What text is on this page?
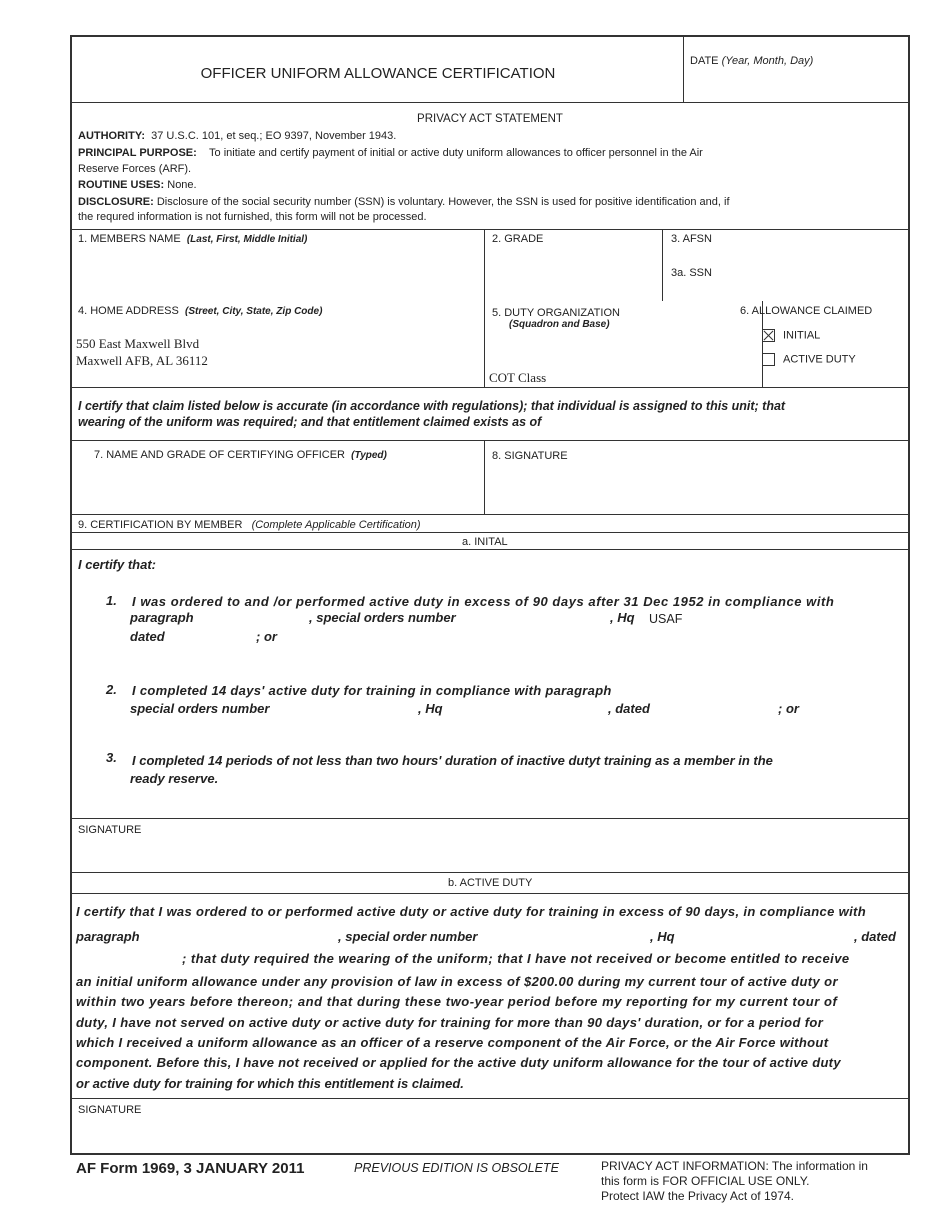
OFFICER UNIFORM ALLOWANCE CERTIFICATION
DATE (Year, Month, Day)
PRIVACY ACT STATEMENT
AUTHORITY: 37 U.S.C. 101, et seq.; EO 9397, November 1943.
PRINCIPAL PURPOSE: To initiate and certify payment of initial or active duty uniform allowances to officer personnel in the Air
Reserve Forces (ARF).
ROUTINE USES: None.
DISCLOSURE: Disclosure of the social security number (SSN) is voluntary. However, the SSN is used for positive identification and, if
the requred information is not furnished, this form will not be processed.
1. MEMBERS NAME (Last, First, Middle Initial)	2. GRADE	3. AFSN
3a. SSN
4. HOME ADDRESS (Street, City, State, Zip Code)
550 East Maxwell Blvd
Maxwell AFB, AL 36112
5. DUTY ORGANIZATION
(Squadron and Base)
COT Class
6. ALLOWANCE CLAIMED
INITIAL
ACTIVE DUTY
I certify that claim listed below is accurate (in accordance with regulations); that individual is assigned to this unit; that
wearing of the uniform was required; and that entitlement claimed exists as of
7. NAME AND GRADE OF CERTIFYING OFFICER (Typed)	8. SIGNATURE
9. CERTIFICATION BY MEMBER (Complete Applicable Certification)
a. INITAL
I certify that:
1. I was ordered to and /or performed active duty in excess of 90 days after 31 Dec 1952 in compliance with
paragraph	, special orders number	, Hq USAF
dated	; or
2. I completed 14 days' active duty for training in compliance with paragraph
special orders number	, Hq	, dated	; or
3. I completed 14 periods of not less than two hours' duration of inactive dutyt training as a member in the
ready reserve.
SIGNATURE
b. ACTIVE DUTY
I certify that I was ordered to or performed active duty or active duty for training in excess of 90 days, in compliance with
paragraph	, special order number	, Hq	, dated
; that duty required the wearing of the uniform; that I have not received or become entitled to receive
an initial uniform allowance under any provision of law in excess of $200.00 during my current tour of active duty or
within two years before thereon; and that during these two-year period before my reporting for my current tour of
duty, I have not served on active duty or active duty for training for more than 90 days' duration, or for a period for
which I received a uniform allowance as an officer of a reserve component of the Air Force, or the Air Force without
component. Before this, I have not received or applied for the active duty uniform allowance for the tour of active duty
or active duty for training for which this entitlement is claimed.
SIGNATURE
AF Form 1969, 3 JANUARY 2011	PREVIOUS EDITION IS OBSOLETE	PRIVACY ACT INFORMATION: The information in
this form is FOR OFFICIAL USE ONLY.
Protect IAW the Privacy Act of 1974.
